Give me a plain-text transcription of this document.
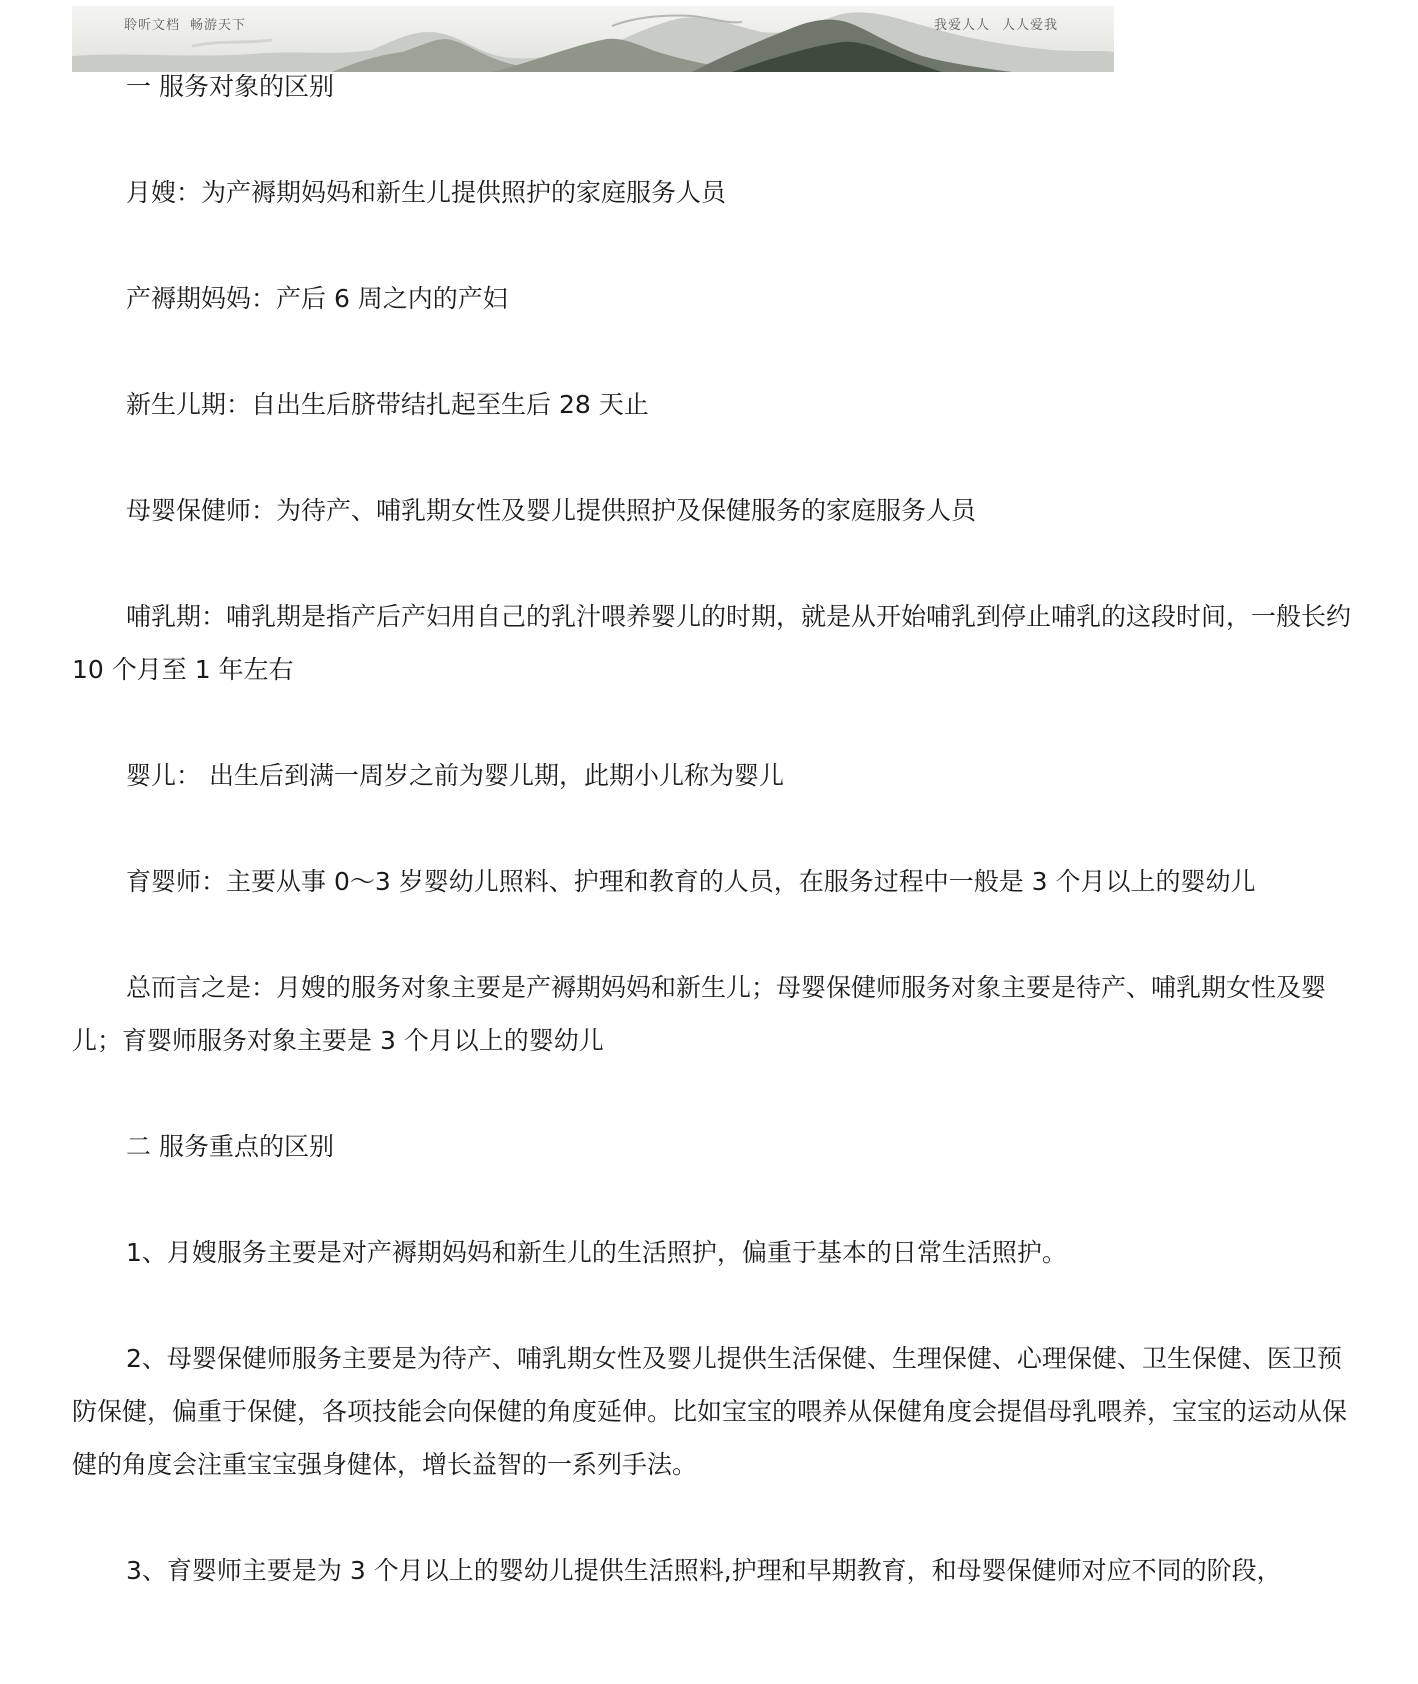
聆听文档 畅游天下	我爱人人 人人爱我

一 服务对象的区别

月嫂：为产褥期妈妈和新生儿提供照护的家庭服务人员

产褥期妈妈：产后 6 周之内的产妇

新生儿期：自出生后脐带结扎起至生后 28 天止

母婴保健师：为待产、哺乳期女性及婴儿提供照护及保健服务的家庭服务人员

哺乳期：哺乳期是指产后产妇用自己的乳汁喂养婴儿的时期，就是从开始哺乳到停止哺乳的这段时间，一般长约 10 个月至 1 年左右

婴儿： 出生后到满一周岁之前为婴儿期，此期小儿称为婴儿

育婴师：主要从事 0～3 岁婴幼儿照料、护理和教育的人员，在服务过程中一般是 3 个月以上的婴幼儿

总而言之是：月嫂的服务对象主要是产褥期妈妈和新生儿；母婴保健师服务对象主要是待产、哺乳期女性及婴儿；育婴师服务对象主要是 3 个月以上的婴幼儿

二 服务重点的区别

1、月嫂服务主要是对产褥期妈妈和新生儿的生活照护，偏重于基本的日常生活照护。

2、母婴保健师服务主要是为待产、哺乳期女性及婴儿提供生活保健、生理保健、心理保健、卫生保健、医卫预防保健，偏重于保健，各项技能会向保健的角度延伸。比如宝宝的喂养从保健角度会提倡母乳喂养，宝宝的运动从保健的角度会注重宝宝强身健体，增长益智的一系列手法。

3、育婴师主要是为 3 个月以上的婴幼儿提供生活照料,护理和早期教育，和母婴保健师对应不同的阶段，
